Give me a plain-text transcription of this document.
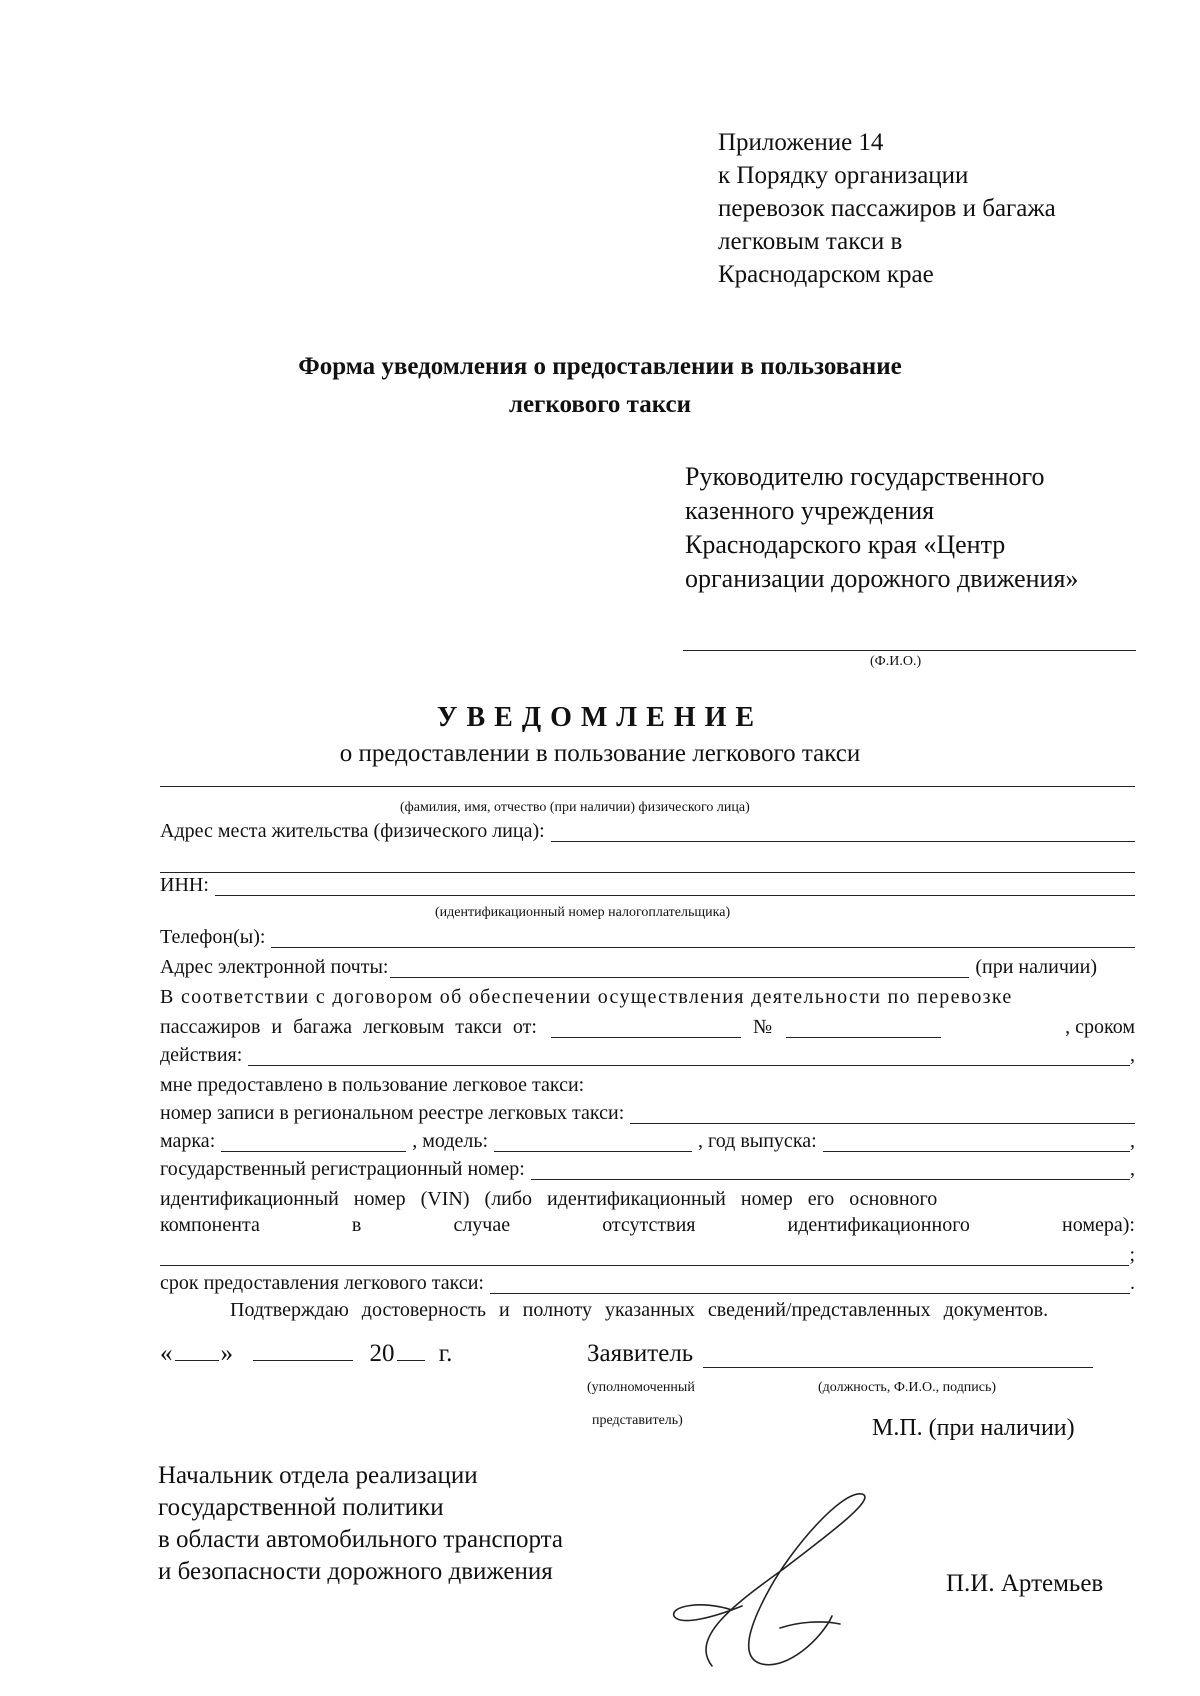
Приложение 14
к Порядку организации
перевозок пассажиров и багажа
легковым такси в
Краснодарском крае
Форма уведомления о предоставлении в пользование
легкового такси
Руководителю государственного
казенного учреждения
Краснодарского края «Центр
организации дорожного движения»
(Ф.И.О.)
УВЕДОМЛЕНИЕ
о предоставлении в пользование легкового такси
(фамилия, имя, отчество (при наличии) физического лица)
Адрес места жительства (физического лица):
ИНН:
(идентификационный номер налогоплательщика)
Телефон(ы):
Адрес электронной почты:	(при наличии)
В соответствии с договором об обеспечении осуществления деятельности по перевозке
пассажиров и багажа легковым такси от:	№	, сроком
действия:	,
мне предоставлено в пользование легковое такси:
номер записи в региональном реестре легковых такси:
марка:	, модель:	, год выпуска:	,
государственный регистрационный номер:	,
идентификационный номер (VIN) (либо идентификационный номер его основного
компонента	в	случае	отсутствия	идентификационного	номера):
;
срок предоставления легкового такси:	.
Подтверждаю достоверность и полноту указанных сведений/представленных документов.
« »	20 г.	Заявитель
(уполномоченный
представитель)
(должность, Ф.И.О., подпись)
М.П. (при наличии)
Начальник отдела реализации
государственной политики
в области автомобильного транспорта
и безопасности дорожного движения	П.И. Артемьев
